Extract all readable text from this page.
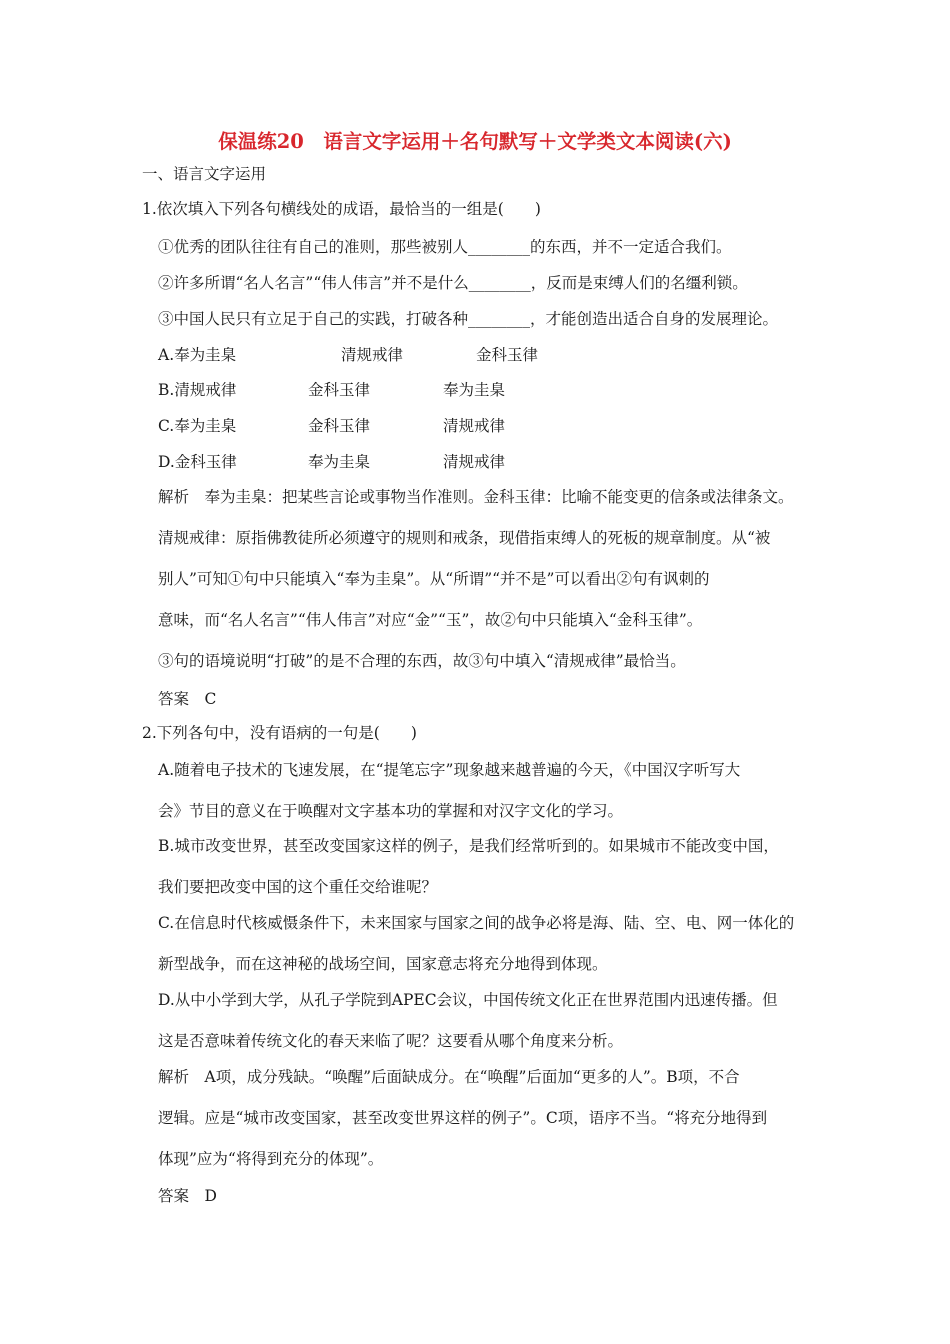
保温练20　语言文字运用＋名句默写＋文学类文本阅读(六)
一、语言文字运用
1.依次填入下列各句横线处的成语，最恰当的一组是(　　)
①优秀的团队往往有自己的准则，那些被别人________的东西，并不一定适合我们。
②许多所谓“名人名言”“伟人伟言”并不是什么________，反而是束缚人们的名缰利锁。
③中国人民只有立足于自己的实践，打破各种________，才能创造出适合自身的发展理论。
A.奉为圭臬	清规戒律	金科玉律
B.清规戒律	金科玉律	奉为圭臬
C.奉为圭臬	金科玉律	清规戒律
D.金科玉律	奉为圭臬	清规戒律
解析　奉为圭臬：把某些言论或事物当作准则。金科玉律：比喻不能变更的信条或法律条文。
清规戒律：原指佛教徒所必须遵守的规则和戒条，现借指束缚人的死板的规章制度。从“被
别人”可知①句中只能填入“奉为圭臬”。从“所谓”“并不是”可以看出②句有讽刺的
意味，而“名人名言”“伟人伟言”对应“金”“玉”，故②句中只能填入“金科玉律”。
③句的语境说明“打破”的是不合理的东西，故③句中填入“清规戒律”最恰当。
答案　C
2.下列各句中，没有语病的一句是(　　)
A.随着电子技术的飞速发展，在“提笔忘字”现象越来越普遍的今天，《中国汉字听写大
会》节目的意义在于唤醒对文字基本功的掌握和对汉字文化的学习。
B.城市改变世界，甚至改变国家这样的例子，是我们经常听到的。如果城市不能改变中国，
我们要把改变中国的这个重任交给谁呢？
C.在信息时代核威慑条件下，未来国家与国家之间的战争必将是海、陆、空、电、网一体化的
新型战争，而在这神秘的战场空间，国家意志将充分地得到体现。
D.从中小学到大学，从孔子学院到APEC会议，中国传统文化正在世界范围内迅速传播。但
这是否意味着传统文化的春天来临了呢？这要看从哪个角度来分析。
解析　A项，成分残缺。“唤醒”后面缺成分。在“唤醒”后面加“更多的人”。B项，不合
逻辑。应是“城市改变国家，甚至改变世界这样的例子”。C项，语序不当。“将充分地得到
体现”应为“将得到充分的体现”。
答案　D
